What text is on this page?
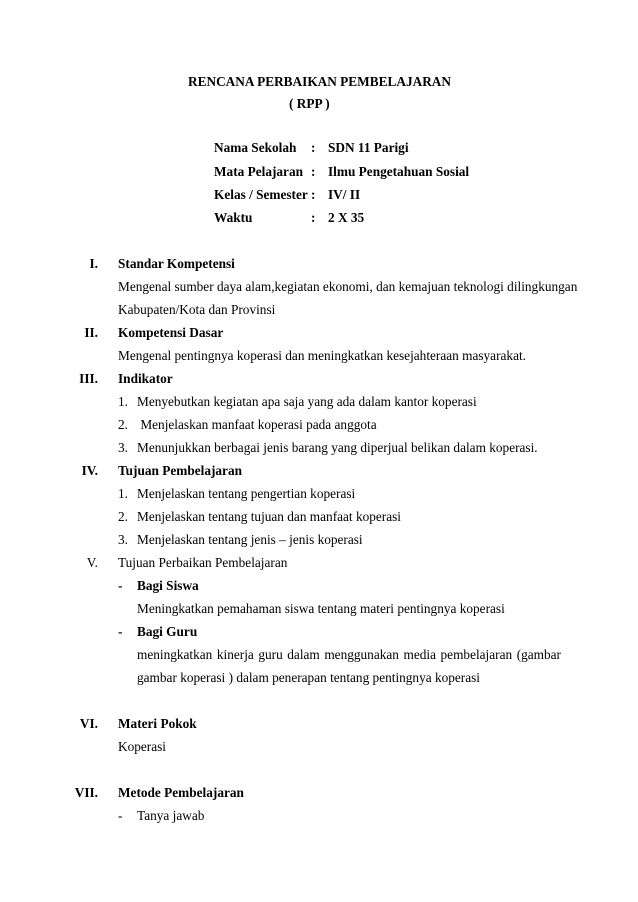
RENCANA PERBAIKAN PEMBELAJARAN
( RPP )
Nama Sekolah : SDN 11 Parigi
Mata Pelajaran : Ilmu Pengetahuan Sosial
Kelas / Semester : IV/ II
Waktu	: 2 X 35
I. Standar Kompetensi
Mengenal sumber daya alam,kegiatan ekonomi, dan kemajuan teknologi dilingkungan
Kabupaten/Kota dan Provinsi
II. Kompetensi Dasar
Mengenal pentingnya koperasi dan meningkatkan kesejahteraan masyarakat.
III. Indikator
1. Menyebutkan kegiatan apa saja yang ada dalam kantor koperasi
2. Menjelaskan manfaat koperasi pada anggota
3. Menunjukkan berbagai jenis barang yang diperjual belikan dalam koperasi.
IV. Tujuan Pembelajaran
1. Menjelaskan tentang pengertian koperasi
2. Menjelaskan tentang tujuan dan manfaat koperasi
3. Menjelaskan tentang jenis – jenis koperasi
V. Tujuan Perbaikan Pembelajaran
- Bagi Siswa
Meningkatkan pemahaman siswa tentang materi pentingnya koperasi
- Bagi Guru
meningkatkan kinerja guru dalam menggunakan media pembelajaran (gambar
gambar koperasi ) dalam penerapan tentang pentingnya koperasi
VI. Materi Pokok
Koperasi
VII. Metode Pembelajaran
- Tanya jawab
